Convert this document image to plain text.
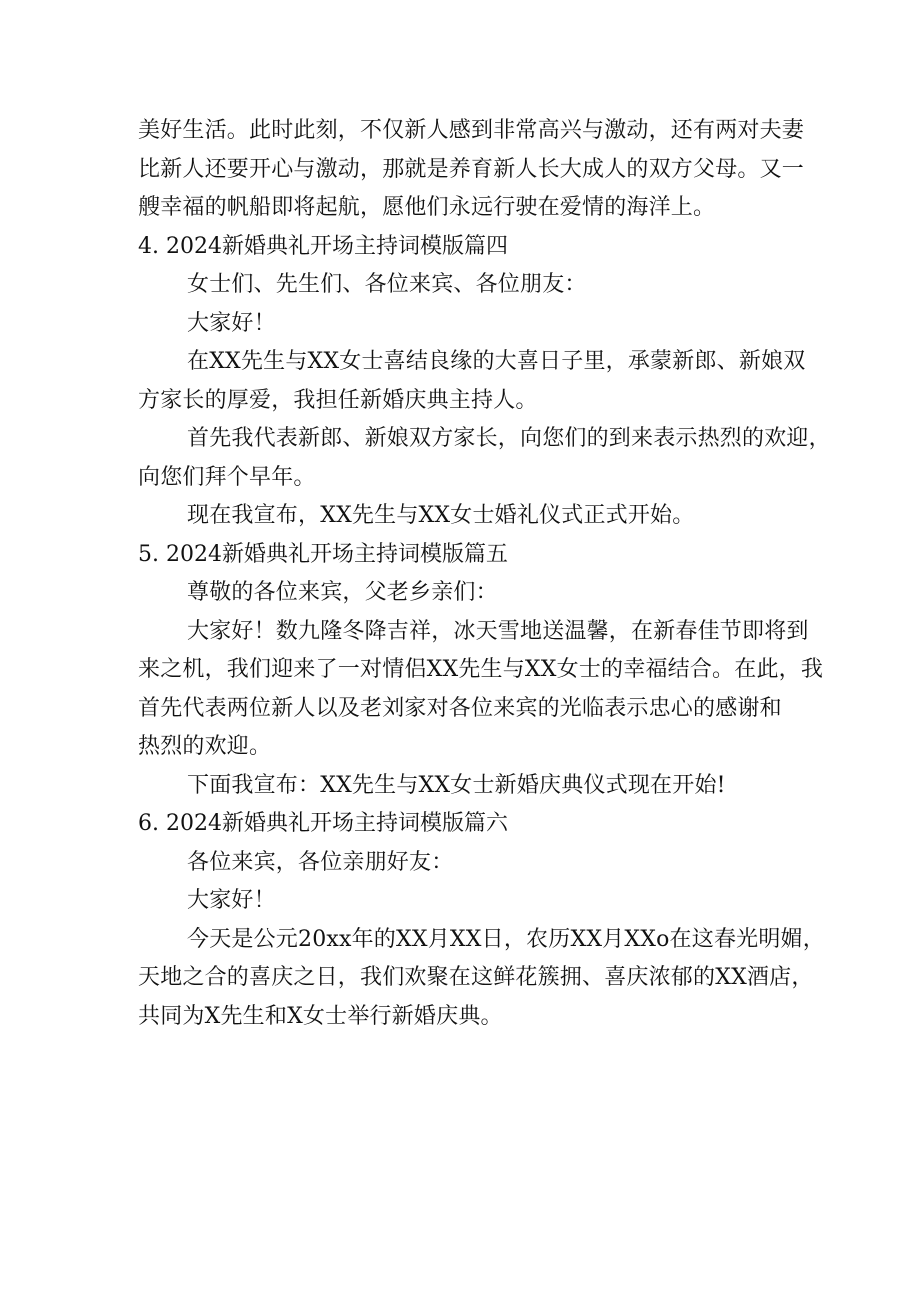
美好生活。此时此刻，不仅新人感到非常高兴与激动，还有两对夫妻
比新人还要开心与激动，那就是养育新人长大成人的双方父母。又一
艘幸福的帆船即将起航，愿他们永远行驶在爱情的海洋上。
4. 2024新婚典礼开场主持词模版篇四
女士们、先生们、各位来宾、各位朋友：
大家好！
在XX先生与XX女士喜结良缘的大喜日子里，承蒙新郎、新娘双
方家长的厚爱，我担任新婚庆典主持人。
首先我代表新郎、新娘双方家长，向您们的到来表示热烈的欢迎，
向您们拜个早年。
现在我宣布，XX先生与XX女士婚礼仪式正式开始。
5. 2024新婚典礼开场主持词模版篇五
尊敬的各位来宾，父老乡亲们：
大家好！数九隆冬降吉祥，冰天雪地送温馨，在新春佳节即将到
来之机，我们迎来了一对情侣XX先生与XX女士的幸福结合。在此，我
首先代表两位新人以及老刘家对各位来宾的光临表示忠心的感谢和
热烈的欢迎。
下面我宣布：XX先生与XX女士新婚庆典仪式现在开始!
6. 2024新婚典礼开场主持词模版篇六
各位来宾，各位亲朋好友：
大家好！
今天是公元20xx年的XX月XX日，农历XX月XXo在这春光明媚，
天地之合的喜庆之日，我们欢聚在这鲜花簇拥、喜庆浓郁的XX酒店，
共同为X先生和X女士举行新婚庆典。
